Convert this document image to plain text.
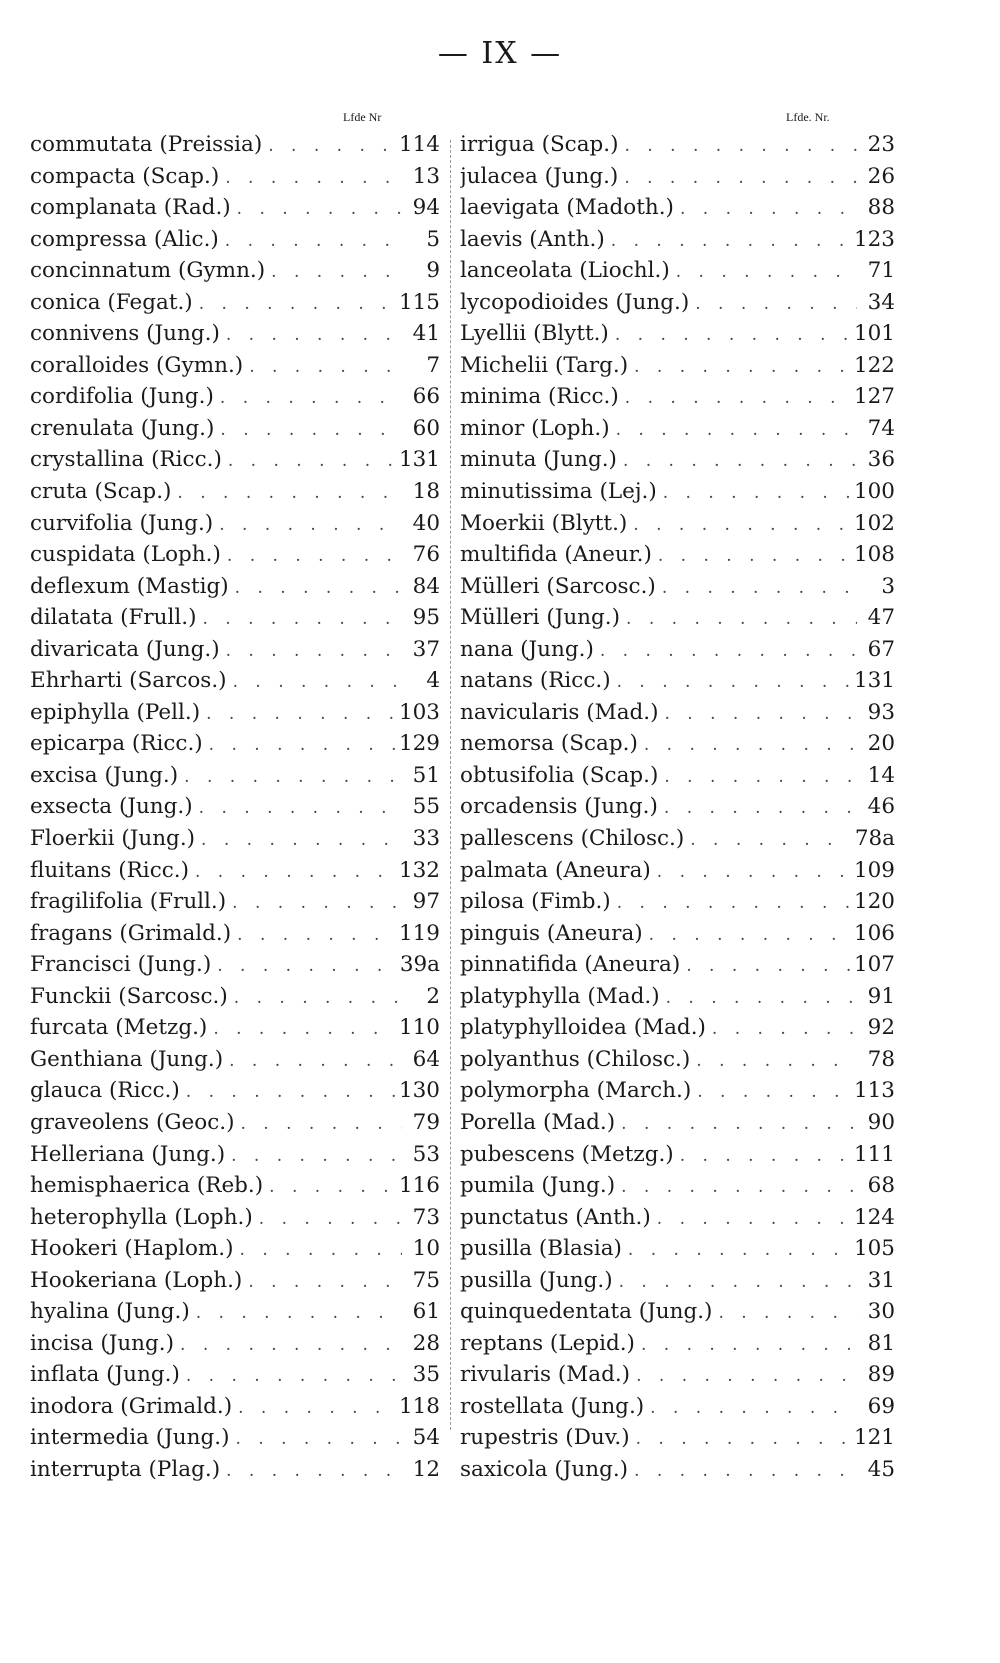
— IX —
Lfde Nr
commutata (Preissia) . . .	114
compacta (Scap.) . . .	13
complanata (Rad.) . . .	94
compressa (Alic.) . . .	5
concinnatum (Gymn.) . . .	9
conica (Fegat.) . . .	115
connivens (Jung.) . . .	41
coralloides (Gymn.) . . .	7
cordifolia (Jung.) . . .	66
crenulata (Jung.) . . .	60
crystallina (Ricc.) . . .	131
cruta (Scap.) . . .	18
curvifolia (Jung.) . . .	40
cuspidata (Loph.) . . .	76
deflexum (Mastig) . . .	84
dilatata (Frull.) . . .	95
divaricata (Jung.) . . .	37
Ehrharti (Sarcos.) . . .	4
epiphylla (Pell.) . . .	103
epicarpa (Ricc.) . . .	129
excisa (Jung.) . . .	51
exsecta (Jung.) . . .	55
Floerkii (Jung.) . . .	33
fluitans (Ricc.) . . .	132
fragilifolia (Frull.) . . .	97
fragans (Grimald.) . . .	119
Francisci (Jung.) . . .	39a
Funckii (Sarcosc.) . . .	2
furcata (Metzg.) . . .	110
Genthiana (Jung.) . . .	64
glauca (Ricc.) . . .	130
graveolens (Geoc.) . . .	79
Helleriana (Jung.) . . .	53
hemisphaerica (Reb.) . . .	116
heterophylla (Loph.) . . .	73
Hookeri (Haplom.) . . .	10
Hookeriana (Loph.) . . .	75
hyalina (Jung.) . . .	61
incisa (Jung.) . . .	28
inflata (Jung.) . . .	35
inodora (Grimald.) . . .	118
intermedia (Jung.) . . .	54
interrupta (Plag.) . . .	12
Lfde. Nr.
irrigua (Scap.) . . .	23
julacea (Jung.) . . .	26
laevigata (Madoth.) . . .	88
laevis (Anth.) . . .	123
lanceolata (Liochl.) . . .	71
lycopodioides (Jung.) . . .	34
Lyellii (Blytt.) . . .	101
Michelii (Targ.) . . .	122
minima (Ricc.) . . .	127
minor (Loph.) . . .	74
minuta (Jung.) . . .	36
minutissima (Lej.) . . .	100
Moerkii (Blytt.) . . .	102
multifida (Aneur.) . . .	108
Mülleri (Sarcosc.) . . .	3
Mülleri (Jung.) . . .	47
nana (Jung.) . . .	67
natans (Ricc.) . . .	131
navicularis (Mad.) . . .	93
nemorsa (Scap.) . . .	20
obtusifolia (Scap.) . . .	14
orcadensis (Jung.) . . .	46
pallescens (Chilosc.) . . .	78a
palmata (Aneura) . . .	109
pilosa (Fimb.) . . .	120
pinguis (Aneura) . . .	106
pinnatifida (Aneura) . . .	107
platyphylla (Mad.) . . .	91
platyphylloidea (Mad.) . . .	92
polyanthus (Chilosc.) . . .	78
polymorpha (March.) . . .	113
Porella (Mad.) . . .	90
pubescens (Metzg.) . . .	111
pumila (Jung.) . . .	68
punctatus (Anth.) . . .	124
pusilla (Blasia) . . .	105
pusilla (Jung.) . . .	31
quinquedentata (Jung.) . . .	30
reptans (Lepid.) . . .	81
rivularis (Mad.) . . .	89
rostellata (Jung.) . . .	69
rupestris (Duv.) . . .	121
saxicola (Jung.) . . .	45
